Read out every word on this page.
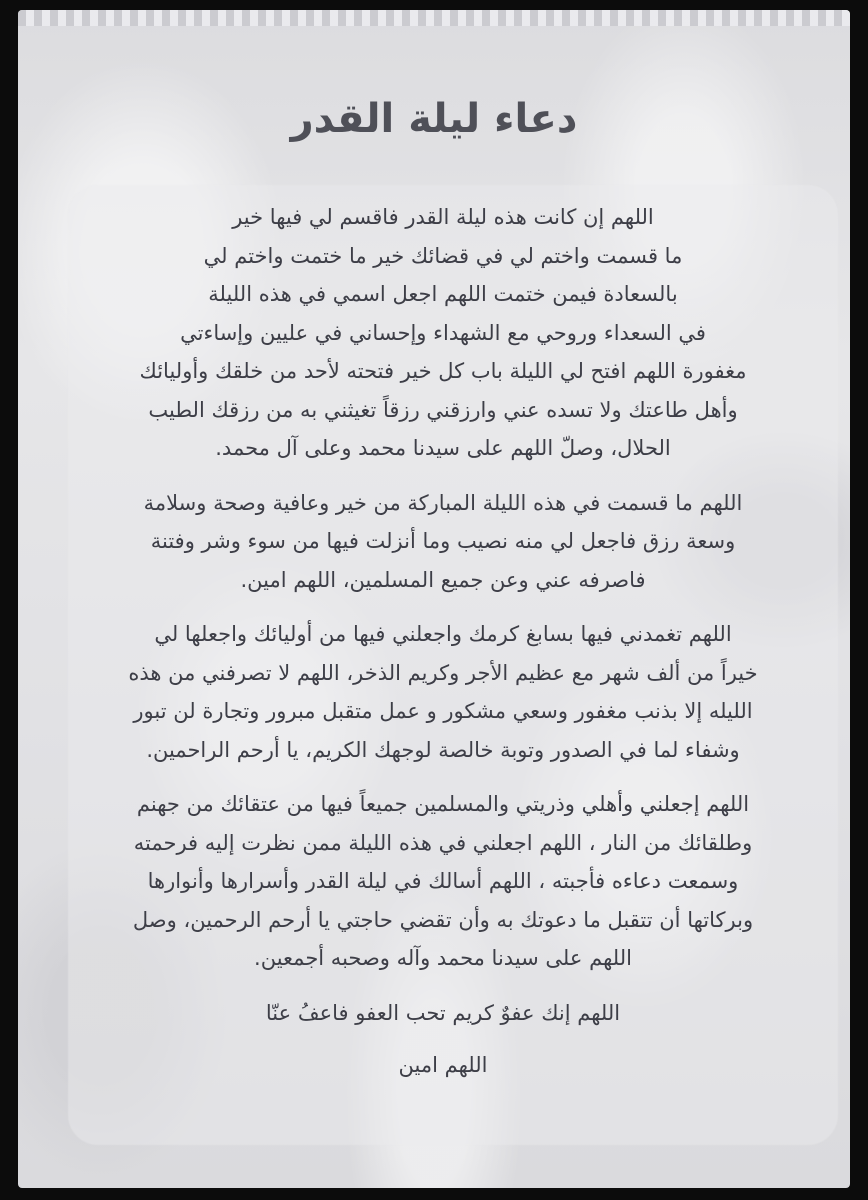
دعاء ليلة القدر

اللهم إن كانت هذه ليلة القدر فاقسم لي فيها خير
ما قسمت واختم لي في قضائك خير ما ختمت واختم لي
بالسعادة فيمن ختمت اللهم اجعل اسمي في هذه الليلة
في السعداء وروحي مع الشهداء وإحساني في عليين وإساءتي
مغفورة اللهم افتح لي الليلة باب كل خير فتحته لأحد من خلقك وأوليائك
وأهل طاعتك ولا تسده عني وارزقني رزقاً تغيثني به من رزقك الطيب
الحلال، وصلّ اللهم على سيدنا محمد وعلى آل محمد.

اللهم ما قسمت في هذه الليلة المباركة من خير وعافية وصحة وسلامة
وسعة رزق فاجعل لي منه نصيب وما أنزلت فيها من سوء وشر وفتنة
فاصرفه عني وعن جميع المسلمين، اللهم امين.

اللهم تغمدني فيها بسابغ كرمك واجعلني فيها من أوليائك واجعلها لي
خيراً من ألف شهر مع عظيم الأجر وكريم الذخر، اللهم لا تصرفني من هذه
الليله إلا بذنب مغفور وسعي مشكور و عمل متقبل مبرور وتجارة لن تبور
وشفاء لما في الصدور وتوبة خالصة لوجهك الكريم، يا أرحم الراحمين.

اللهم إجعلني وأهلي وذريتي والمسلمين جميعاً فيها من عتقائك من جهنم
وطلقائك من النار ، اللهم اجعلني في هذه الليلة ممن نظرت إليه فرحمته
وسمعت دعاءه فأجبته ، اللهم أسالك في ليلة القدر وأسرارها وأنوارها
وبركاتها أن تتقبل ما دعوتك به وأن تقضي حاجتي يا أرحم الرحمين، وصل
اللهم على سيدنا محمد وآله وصحبه أجمعين.

اللهم إنك عفوٌ كريم تحب العفو فاعفُ عنّا

اللهم امين
